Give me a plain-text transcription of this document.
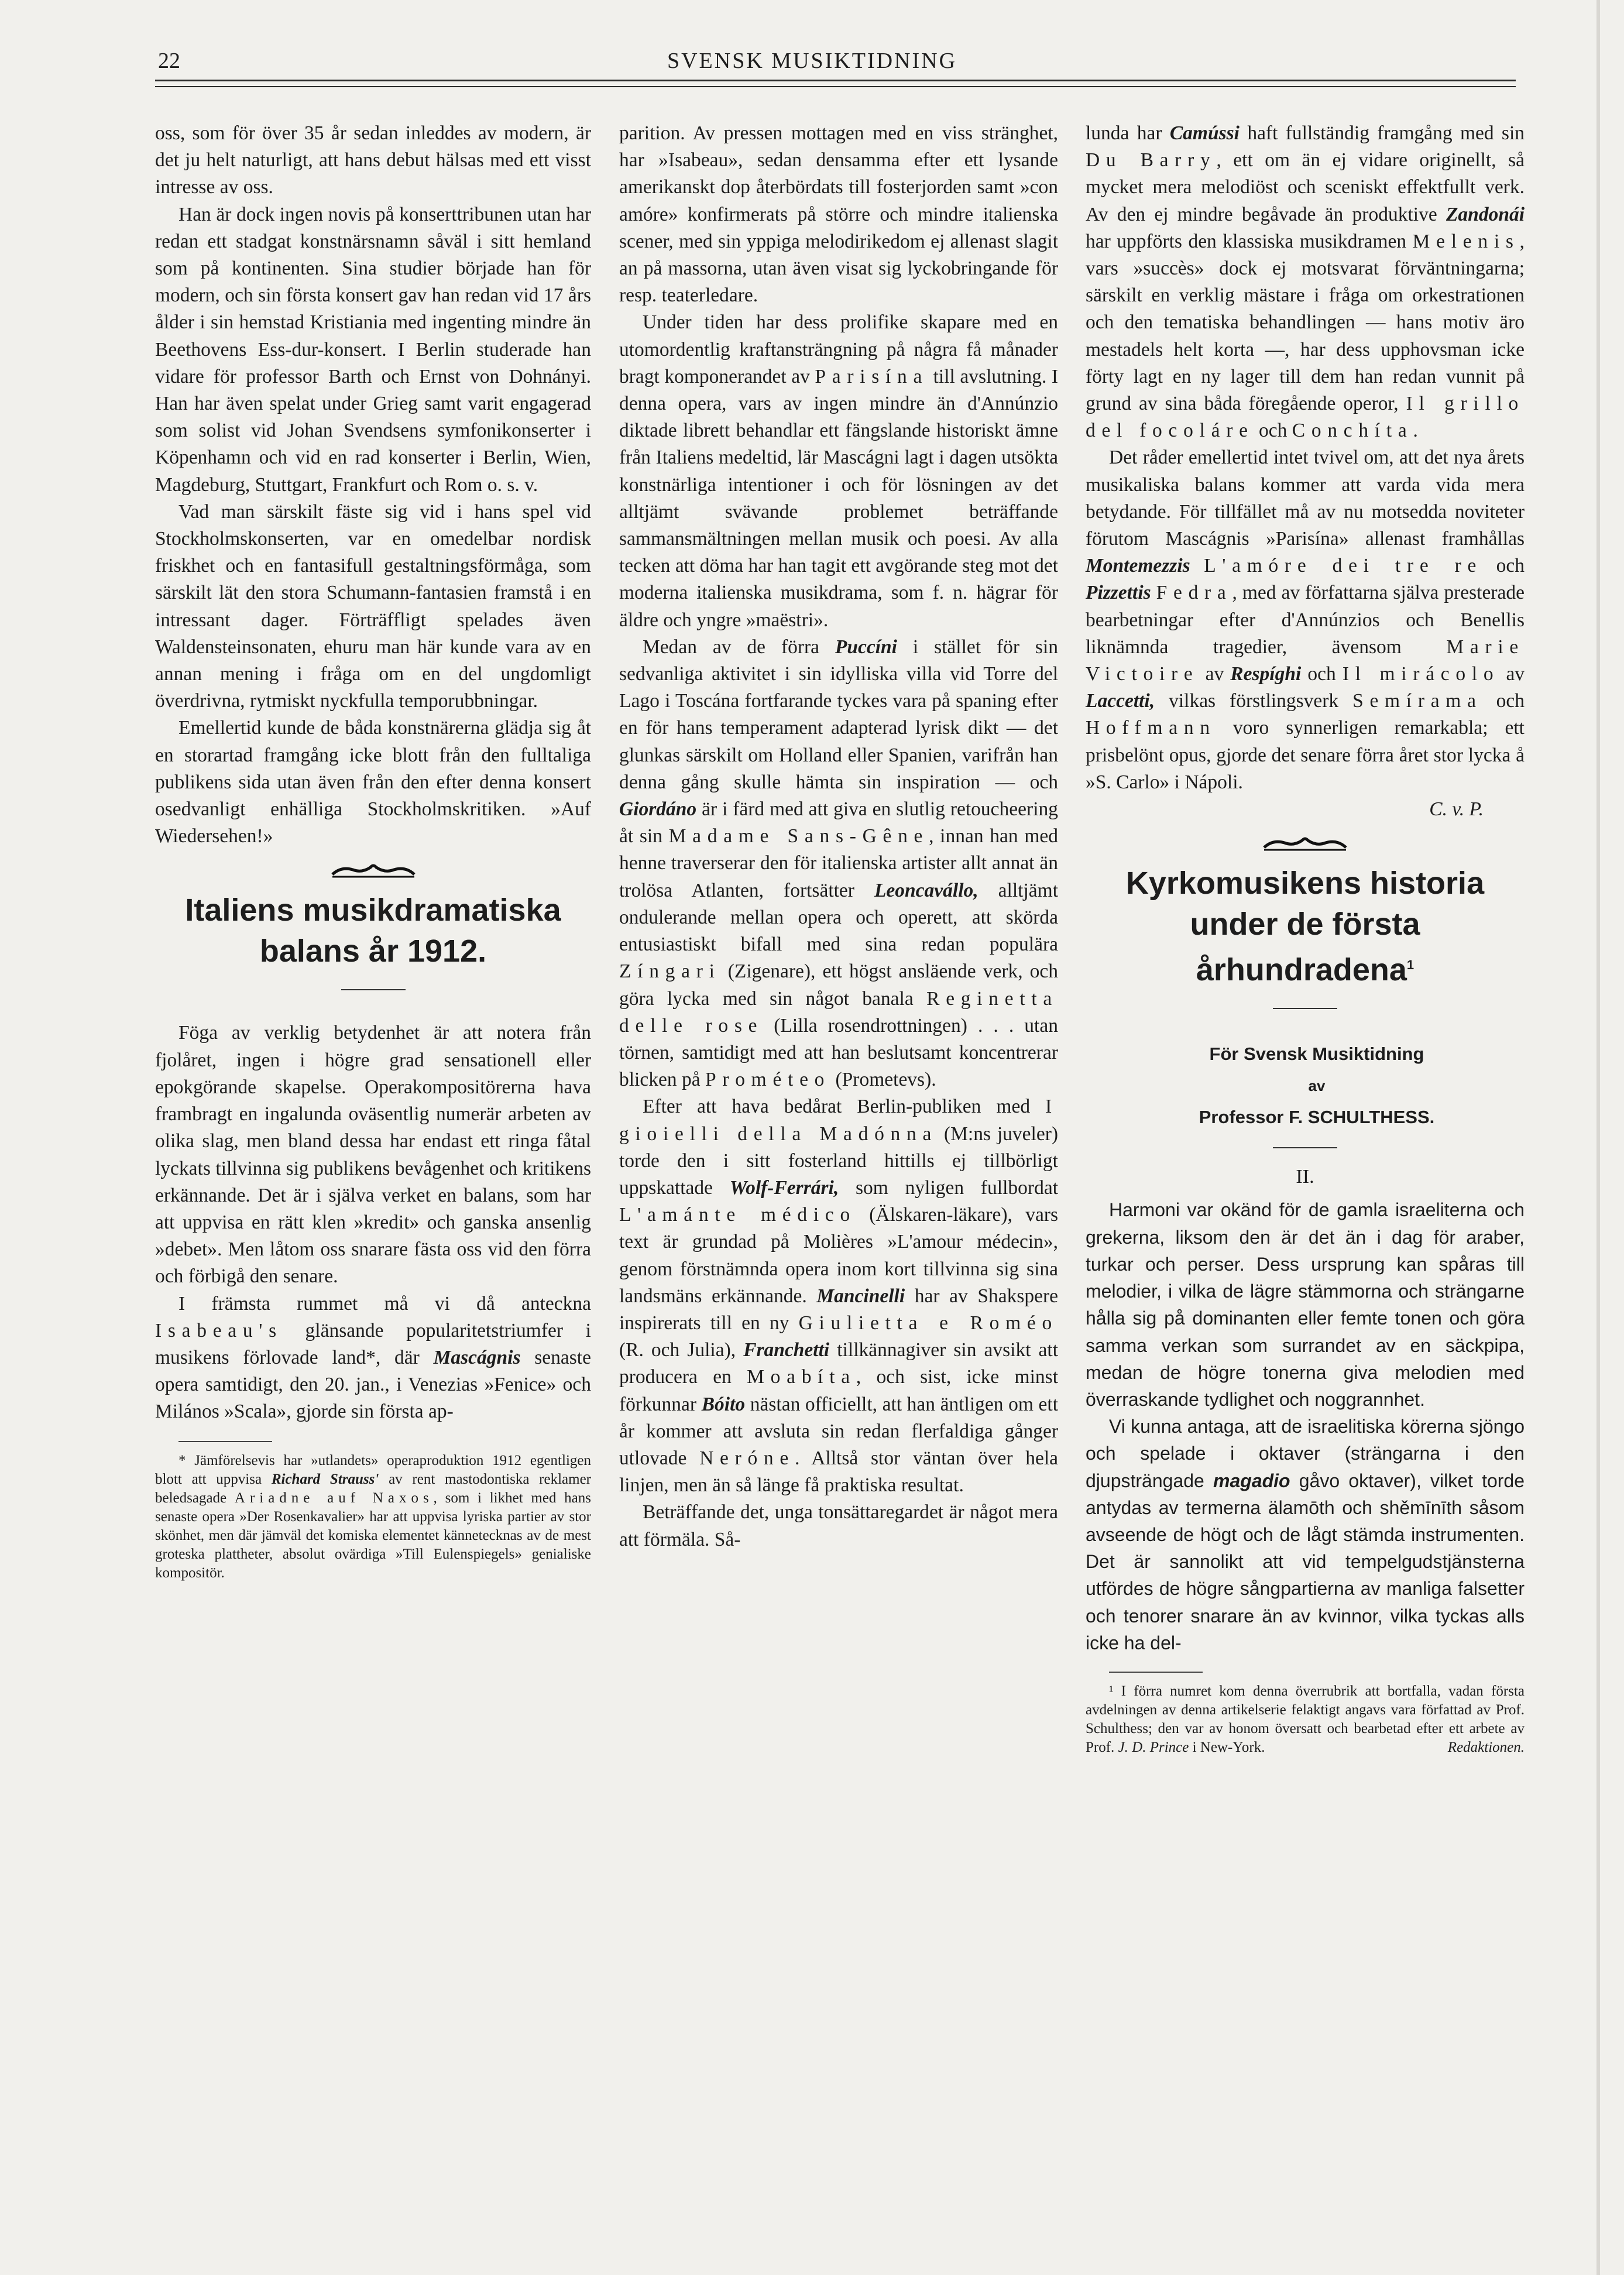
22	SVENSK MUSIKTIDNING

oss, som för över 35 år sedan inleddes av modern, är det ju helt naturligt, att hans debut hälsas med ett visst intresse av oss.

Han är dock ingen novis på konserttribunen utan har redan ett stadgat konstnärsnamn såväl i sitt hemland som på kontinenten. Sina studier började han för modern, och sin första konsert gav han redan vid 17 års ålder i sin hemstad Kristiania med ingenting mindre än Beethovens Ess-dur-konsert. I Berlin studerade han vidare för professor Barth och Ernst von Dohnányi. Han har även spelat under Grieg samt varit engagerad som solist vid Johan Svendsens symfonikonserter i Köpenhamn och vid en rad konserter i Berlin, Wien, Magdeburg, Stuttgart, Frankfurt och Rom o. s. v.

Vad man särskilt fäste sig vid i hans spel vid Stockholmskonserten, var en omedelbar nordisk friskhet och en fantasifull gestaltningsförmåga, som särskilt lät den stora Schumann-fantasien framstå i en intressant dager. Förträffligt spelades även Waldensteinsonaten, ehuru man här kunde vara av en annan mening i fråga om en del ungdomligt överdrivna, rytmiskt nyckfulla temporubbningar.

Emellertid kunde de båda konstnärerna glädja sig åt en storartad framgång icke blott från den fulltaliga publikens sida utan även från den efter denna konsert osedvanligt enhälliga Stockholmskritiken. »Auf Wiedersehen!»

Italiens musikdramatiska balans år 1912.

Föga av verklig betydenhet är att notera från fjolåret, ingen i högre grad sensationell eller epokgörande skapelse. Operakompositörerna hava frambragt en ingalunda oväsentlig numerär arbeten av olika slag, men bland dessa har endast ett ringa fåtal lyckats tillvinna sig publikens bevågenhet och kritikens erkännande. Det är i själva verket en balans, som har att uppvisa en rätt klen »kredit» och ganska ansenlig »debet». Men låtom oss snarare fästa oss vid den förra och förbigå den senare.

I främsta rummet må vi då anteckna Isabeau's glänsande popularitetstriumfer i musikens förlovade land*, där Mascágnis senaste opera samtidigt, den 20. jan., i Venezias »Fenice» och Milános »Scala», gjorde sin första ap-

* Jämförelsevis har »utlandets» operaproduktion 1912 egentligen blott att uppvisa Richard Strauss' av rent mastodontiska reklamer beledsagade Ariadne auf Naxos, som i likhet med hans senaste opera »Der Rosenkavalier» har att uppvisa lyriska partier av stor skönhet, men där jämväl det komiska elementet kännetecknas av de mest groteska plattheter, absolut ovärdiga »Till Eulenspiegels» genialiske kompositör.

parition. Av pressen mottagen med en viss stränghet, har »Isabeau», sedan densamma efter ett lysande amerikanskt dop återbördats till fosterjorden samt »con amóre» konfirmerats på större och mindre italienska scener, med sin yppiga melodirikedom ej allenast slagit an på massorna, utan även visat sig lyckobringande för resp. teaterledare.

Under tiden har dess prolifike skapare med en utomordentlig kraftansträngning på några få månader bragt komponerandet av Parisína till avslutning. I denna opera, vars av ingen mindre än d'Annúnzio diktade librett behandlar ett fängslande historiskt ämne från Italiens medeltid, lär Mascágni lagt i dagen utsökta konstnärliga intentioner i och för lösningen av det alltjämt svävande problemet beträffande sammansmältningen mellan musik och poesi. Av alla tecken att döma har han tagit ett avgörande steg mot det moderna italienska musikdrama, som f. n. hägrar för äldre och yngre »maëstri».

Medan av de förra Puccíni i stället för sin sedvanliga aktivitet i sin idylliska villa vid Torre del Lago i Toscána fortfarande tyckes vara på spaning efter en för hans temperament adapterad lyrisk dikt — det glunkas särskilt om Holland eller Spanien, varifrån han denna gång skulle hämta sin inspiration — och Giordáno är i färd med att giva en slutlig retoucheering åt sin Madame Sans-Gêne, innan han med henne traverserar den för italienska artister allt annat än trolösa Atlanten, fortsätter Leoncavállo, alltjämt ondulerande mellan opera och operett, att skörda entusiastiskt bifall med sina redan populära Zíngari (Zigenare), ett högst ansläende verk, och göra lycka med sin något banala Reginetta delle rose (Lilla rosendrottningen) . . . utan törnen, samtidigt med att han beslutsamt koncentrerar blicken på Prométeo (Prometevs).

Efter att hava bedårat Berlin-publiken med I gioielli della Madónna (M:ns juveler) torde den i sitt fosterland hittills ej tillbörligt uppskattade Wolf-Ferrári, som nyligen fullbordat L'amánte médico (Älskaren-läkare), vars text är grundad på Molières »L'amour médecin», genom förstnämnda opera inom kort tillvinna sig sina landsmäns erkännande. Mancinelli har av Shakspere inspirerats till en ny Giulietta e Roméo (R. och Julia), Franchetti tillkännagiver sin avsikt att producera en Moabíta, och sist, icke minst förkunnar Bóito nästan officiellt, att han äntligen om ett år kommer att avsluta sin redan flerfaldiga gånger utlovade Neróne. Alltså stor väntan över hela linjen, men än så länge få praktiska resultat.

Beträffande det, unga tonsättaregardet är något mera att förmäla. Så-

lunda har Camússi haft fullständig framgång med sin Du Barry, ett om än ej vidare originellt, så mycket mera melodiöst och sceniskt effektfullt verk. Av den ej mindre begåvade än produktive Zandonái har uppförts den klassiska musikdramen Melenis, vars »succès» dock ej motsvarat förväntningarna; särskilt en verklig mästare i fråga om orkestrationen och den tematiska behandlingen — hans motiv äro mestadels helt korta —, har dess upphovsman icke förty lagt en ny lager till dem han redan vunnit på grund av sina båda föregående operor, Il grillo del focoláre och Conchíta.

Det råder emellertid intet tvivel om, att det nya årets musikaliska balans kommer att varda vida mera betydande. För tillfället må av nu motsedda noviteter förutom Mascágnis »Parisína» allenast framhållas Montemezzis L'amóre dei tre re och Pizzettis Fedra, med av författarna själva presterade bearbetningar efter d'Annúnzios och Benellis liknämnda tragedier, ävensom Marie Victoire av Respíghi och Il mirácolo av Laccetti, vilkas förstlingsverk Semíramа och Hoffmann voro synnerligen remarkabla; ett prisbelönt opus, gjorde det senare förra året stor lycka å »S. Carlo» i Nápoli.

C. v. P.

Kyrkomusikens historia under de första århundradena$^1$

För Svensk Musiktidning

av

Professor F. SCHULTHESS.

II.

Harmoni var okänd för de gamla israeliterna och grekerna, liksom den är det än i dag för araber, turkar och perser. Dess ursprung kan spåras till melodier, i vilka de lägre stämmorna och strängarne hålla sig på dominanten eller femte tonen och göra samma verkan som surrandet av en säckpipa, medan de högre tonerna giva melodien med överraskande tydlighet och noggrannhet.

Vi kunna antaga, att de israelitiska körerna sjöngo och spelade i oktaver (strängarna i den djupsträngade magadio gåvo oktaver), vilket torde antydas av termerna älamōth och shěmīnīth såsom avseende de högt och de lågt stämda instrumenten. Det är sannolikt att vid tempelgudstjänsterna utfördes de högre sångpartierna av manliga falsetter och tenorer snarare än av kvinnor, vilka tyckas alls icke ha del-

¹ I förra numret kom denna överrubrik att bortfalla, vadan första avdelningen av denna artikelserie felaktigt angavs vara författad av Prof. Schulthess; den var av honom översatt och bearbetad efter ett arbete av Prof. J. D. Prince i New-York.	Redaktionen.
